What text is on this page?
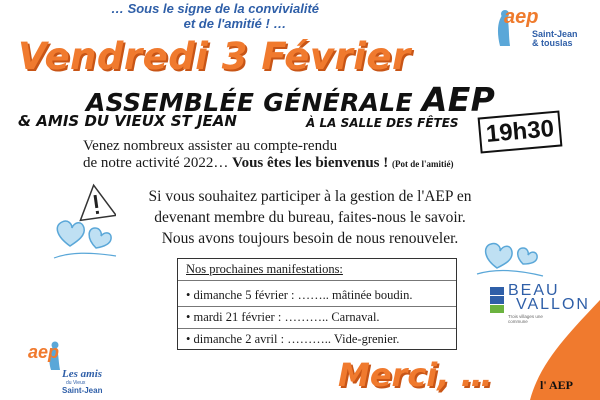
… Sous le signe de la convivialité
et de l'amitié ! …	aep
Saint-Jean
& touslas
Vendredi 3 Février
ASSEMBLÉE GÉNÉRALE AEP
& AMIS DU VIEUX ST JEAN	À LA SALLE DES FÊTES	19h30
Venez nombreux assister au compte-rendu
de notre activité 2022… Vous êtes les bienvenus ! (Pot de l'amitié)
Si vous souhaitez participer à la gestion de l'AEP en
devenant membre du bureau, faites-nous le savoir.
Nous avons toujours besoin de nous renouveler.
Nos prochaines manifestations:
• dimanche 5 février : …….. mâtinée boudin.
• mardi 21 février : ……….. Carnaval.
• dimanche 2 avril : ……….. Vide-grenier.
BEAU
VALLON
Trois villages une commune
aep
Les amis
du Vieux
Saint-Jean	Merci, …	l' AEP
